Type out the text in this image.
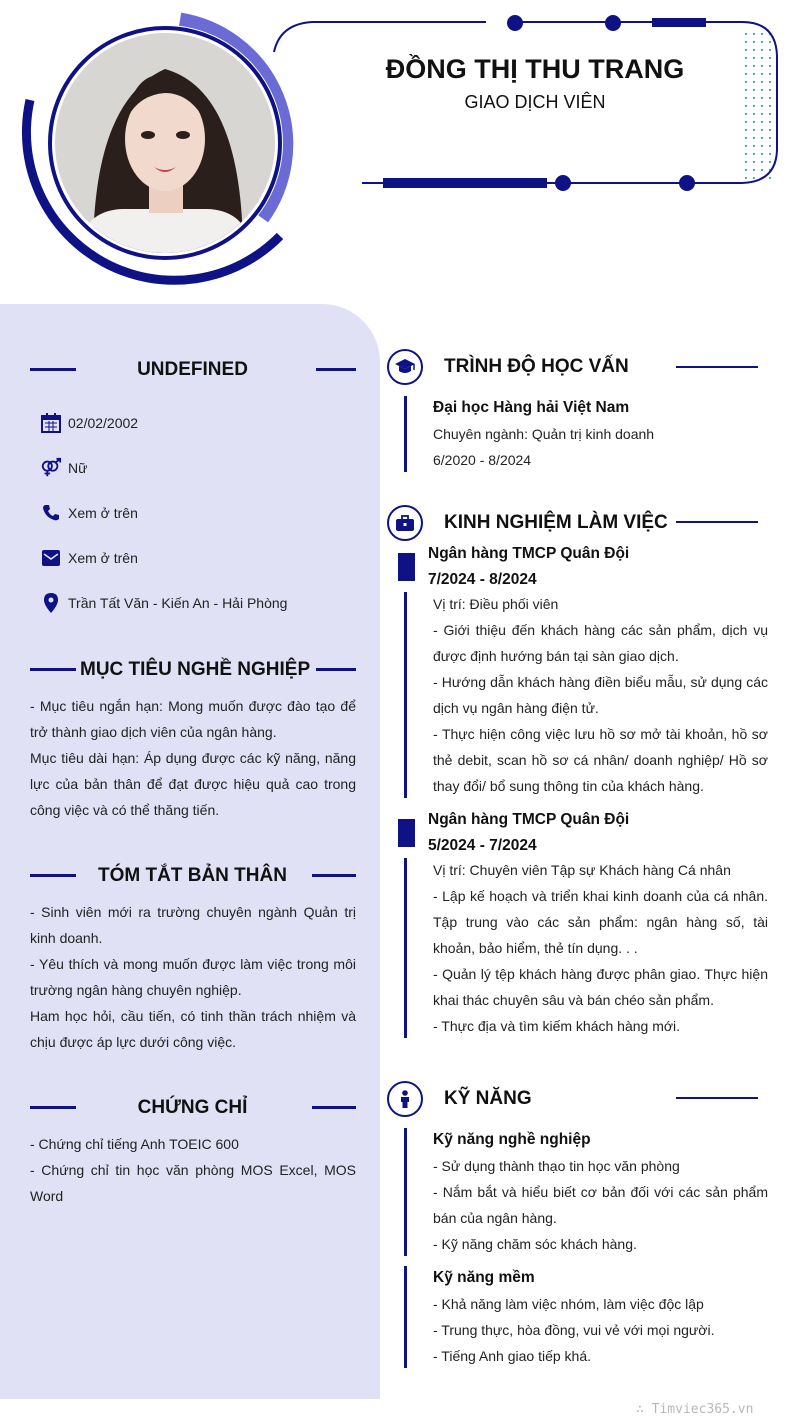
ĐỒNG THỊ THU TRANG
GIAO DỊCH VIÊN
UNDEFINED
02/02/2002
Nữ
Xem ở trên
Xem ở trên
Trần Tất Văn - Kiến An - Hải Phòng
MỤC TIÊU NGHỀ NGHIỆP

- Mục tiêu ngắn hạn: Mong muốn được đào tạo để trở thành giao dịch viên của ngân hàng.

Mục tiêu dài hạn: Áp dụng được các kỹ năng, năng lực của bản thân để đạt được hiệu quả cao trong công việc và có thể thăng tiến.

TÓM TẮT BẢN THÂN

- Sinh viên mới ra trường chuyên ngành Quản trị kinh doanh.

- Yêu thích và mong muốn được làm việc trong môi trường ngân hàng chuyên nghiệp.

Ham học hỏi, cầu tiến, có tinh thần trách nhiệm và chịu được áp lực dưới công việc.

CHỨNG CHỈ

- Chứng chỉ tiếng Anh TOEIC 600

- Chứng chỉ tin học văn phòng MOS Excel, MOS Word

TRÌNH ĐỘ HỌC VẤN

Đại học Hàng hải Việt Nam

Chuyên ngành: Quản trị kinh doanh

6/2020 - 8/2024

KINH NGHIỆM LÀM VIỆC

Ngân hàng TMCP Quân Đội

7/2024 - 8/2024

Vị trí: Điều phối viên

- Giới thiệu đến khách hàng các sản phẩm, dịch vụ được định hướng bán tại sàn giao dịch.

- Hướng dẫn khách hàng điền biểu mẫu, sử dụng các dịch vụ ngân hàng điện tử.

- Thực hiện công việc lưu hồ sơ mở tài khoản, hồ sơ thẻ debit, scan hồ sơ cá nhân/ doanh nghiệp/ Hồ sơ thay đổi/ bổ sung thông tin của khách hàng.

Ngân hàng TMCP Quân Đội

5/2024 - 7/2024

Vị trí: Chuyên viên Tập sự Khách hàng Cá nhân

- Lập kế hoạch và triển khai kinh doanh của cá nhân. Tập trung vào các sản phẩm: ngân hàng số, tài khoản, bảo hiểm, thẻ tín dụng. . .

- Quản lý tệp khách hàng được phân giao. Thực hiện khai thác chuyên sâu và bán chéo sản phẩm.

- Thực địa và tìm kiếm khách hàng mới.

KỸ NĂNG

Kỹ năng nghề nghiệp

- Sử dụng thành thạo tin học văn phòng

- Nắm bắt và hiểu biết cơ bản đối với các sản phẩm bán của ngân hàng.

- Kỹ năng chăm sóc khách hàng.

Kỹ năng mềm

- Khả năng làm việc nhóm, làm việc độc lập

- Trung thực, hòa đồng, vui vẻ với mọi người.

- Tiếng Anh giao tiếp khá.

∴ Timviec365.vn
